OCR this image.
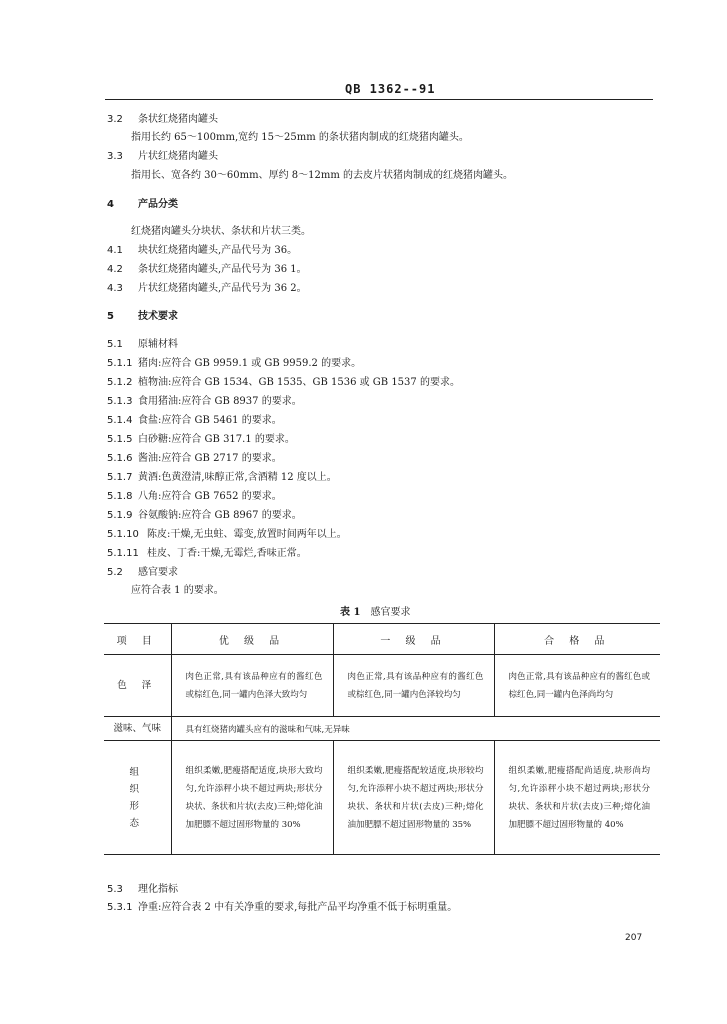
QB 1362--91
3.2 条状红烧猪肉罐头
指用长约 65～100mm,宽约 15～25mm 的条状猪肉制成的红烧猪肉罐头。
3.3 片状红烧猪肉罐头
指用长、宽各约 30～60mm、厚约 8～12mm 的去皮片状猪肉制成的红烧猪肉罐头。
4 产品分类
红烧猪肉罐头分块状、条状和片状三类。
4.1 块状红烧猪肉罐头,产品代号为 36。
4.2 条状红烧猪肉罐头,产品代号为 36 1。
4.3 片状红烧猪肉罐头,产品代号为 36 2。
5 技术要求
5.1 原辅材料
5.1.1 猪肉:应符合 GB 9959.1 或 GB 9959.2 的要求。
5.1.2 植物油:应符合 GB 1534、GB 1535、GB 1536 或 GB 1537 的要求。
5.1.3 食用猪油:应符合 GB 8937 的要求。
5.1.4 食盐:应符合 GB 5461 的要求。
5.1.5 白砂糖:应符合 GB 317.1 的要求。
5.1.6 酱油:应符合 GB 2717 的要求。
5.1.7 黄酒:色黄澄清,味醇正常,含酒精 12 度以上。
5.1.8 八角:应符合 GB 7652 的要求。
5.1.9 谷氨酸钠:应符合 GB 8967 的要求。
5.1.10 陈皮:干燥,无虫蛀、霉变,放置时间两年以上。
5.1.11 桂皮、丁香:干燥,无霉烂,香味正常。
5.2 感官要求
应符合表 1 的要求。
表 1 感官要求
项 目	优 级 品	一 级 品	合 格 品
色 泽	肉色正常,具有该品种应有的酱红色或棕红色,同一罐内色泽大致均匀	肉色正常,具有该品种应有的酱红色或棕红色,同一罐内色泽较均匀	肉色正常,具有该品种应有的酱红色或棕红色,同一罐内色泽尚均匀
滋味、气味	具有红烧猪肉罐头应有的滋味和气味,无异味		
组 织 形 态	组织柔嫩,肥瘦搭配适度,块形大致均匀,允许添秤小块不超过两块;形状分块状、条状和片状(去皮)三种;熔化油加肥膘不超过固形物量的 30%	组织柔嫩,肥瘦搭配较适度,块形较均匀,允许添秤小块不超过两块;形状分块状、条状和片状(去皮)三种;熔化油加肥膘不超过固形物量的 35%	组织柔嫩,肥瘦搭配尚适度,块形尚均匀,允许添秤小块不超过两块;形状分块状、条状和片状(去皮)三种;熔化油加肥膘不超过固形物量的 40%
5.3 理化指标
5.3.1 净重:应符合表 2 中有关净重的要求,每批产品平均净重不低于标明重量。
207
